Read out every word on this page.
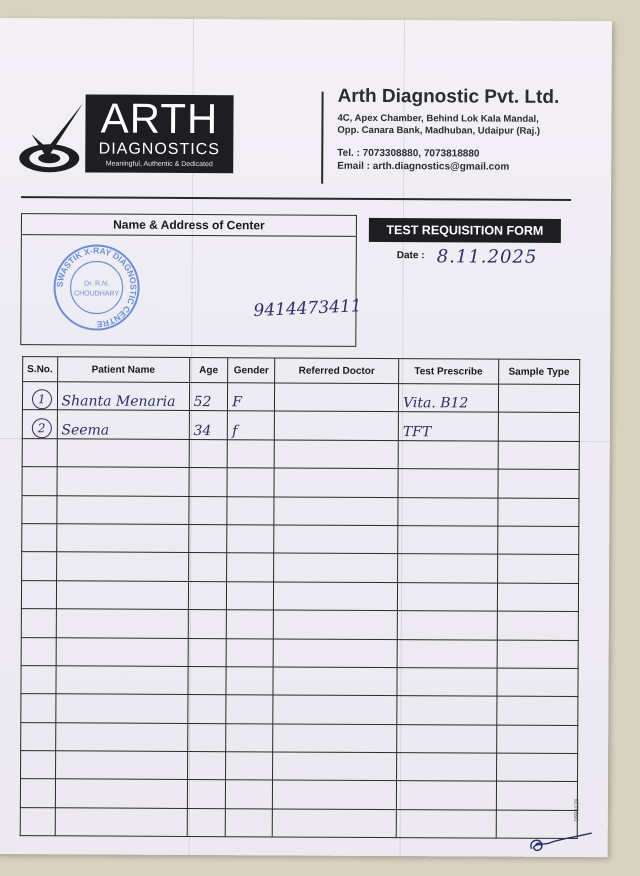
ARTH
DIAGNOSTICS
Meaningful, Authentic & Dedicated
Arth Diagnostic Pvt. Ltd.
4C, Apex Chamber, Behind Lok Kala Mandal, Opp. Canara Bank, Madhuban, Udaipur (Raj.)
Tel. : 7073308880, 7073818880
Email : arth.diagnostics@gmail.com
Name & Address of Center
SWASTIK X-RAY DIAGNOSTIC CENTRE
Dr. R.N.
CHOUDHARY
9414473411
TEST REQUISITION FORM
Date : 8.11.2025
S.No.	Patient Name	Age	Gender	Referred Doctor	Test Prescribe	Sample Type
1	Shanta Menaria	52	F		Vita. B12	
2	Seema	34	f		TFT	

0691126
